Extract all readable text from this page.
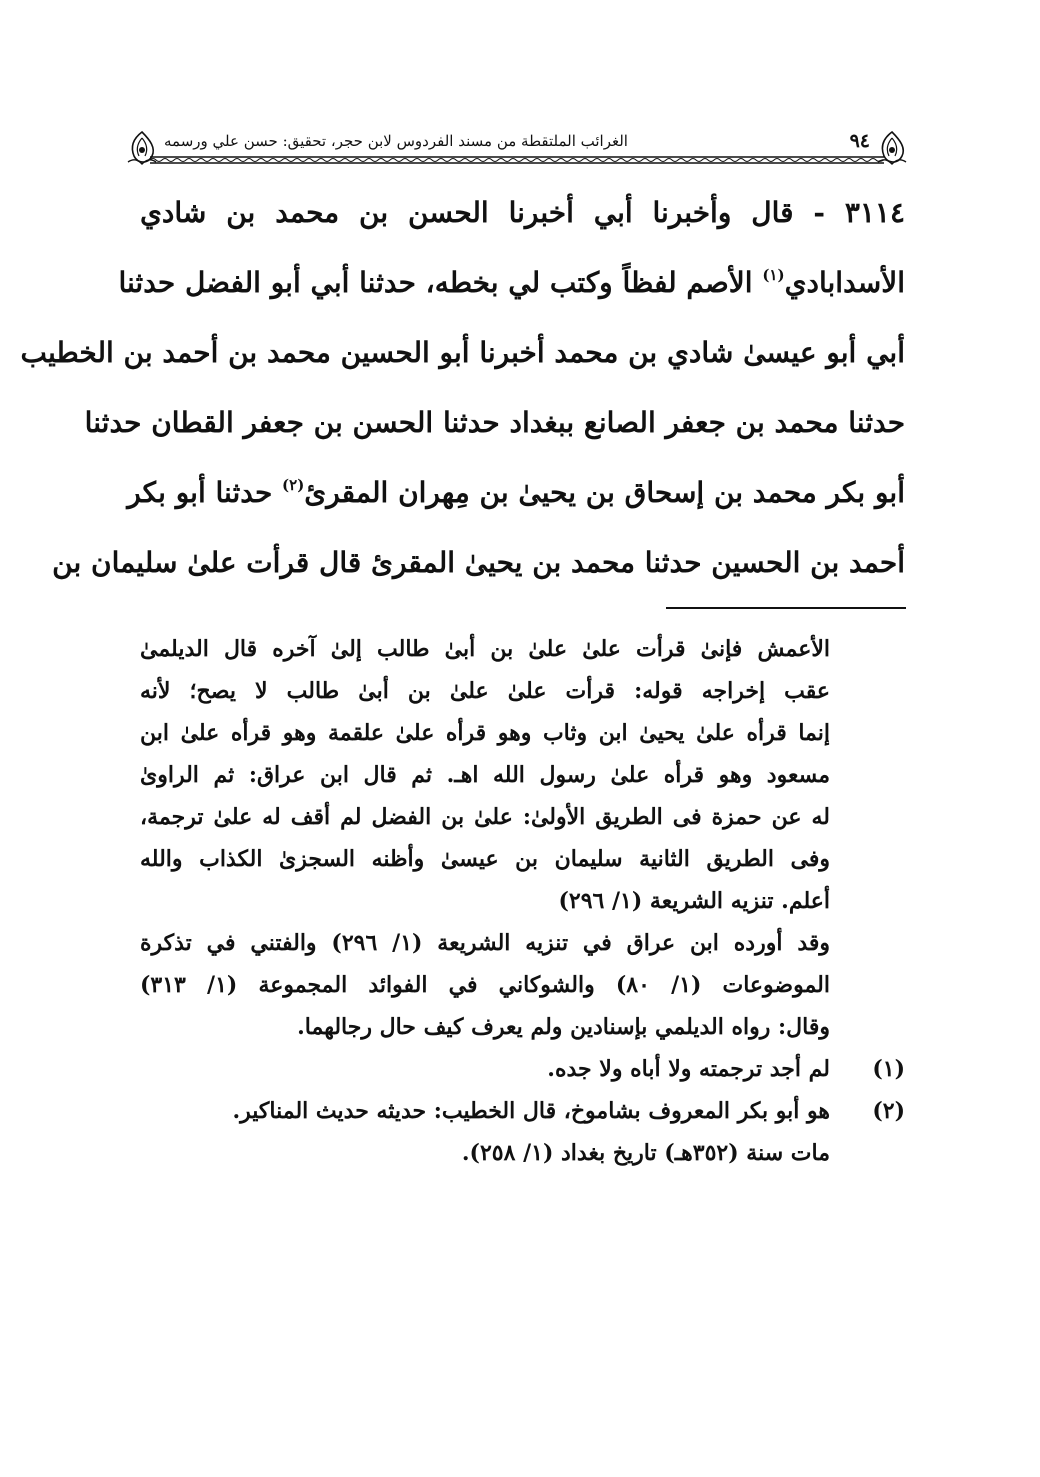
٩٤
الغرائب الملتقطة من مسند الفردوس لابن حجر، تحقيق: حسن علي ورسمه
٣١١٤ - قال وأخبرنا أبي أخبرنا الحسن بن محمد بن شادي
الأسدابادي$^{(١)}$ الأصم لفظاً وكتب لي بخطه، حدثنا أبي أبو الفضل حدثنا
أبي أبو عيسىٰ شادي بن محمد أخبرنا أبو الحسين محمد بن أحمد بن الخطيب
حدثنا محمد بن جعفر الصانع ببغداد حدثنا الحسن بن جعفر القطان حدثنا
أبو بكر محمد بن إسحاق بن يحيىٰ بن مِهران المقرئ$^{(٢)}$ حدثنا أبو بكر
أحمد بن الحسين حدثنا محمد بن يحيىٰ المقرئ قال قرأت علىٰ سليمان بن
الأعمش فإنىٰ قرأت علىٰ علىٰ بن أبىٰ طالب إلىٰ آخره قال الديلمىٰ
عقب إخراجه قوله: قرأت علىٰ علىٰ بن أبىٰ طالب لا يصح؛ لأنه
إنما قرأه علىٰ يحيىٰ ابن وثاب وهو قرأه علىٰ علقمة وهو قرأه علىٰ ابن
مسعود وهو قرأه علىٰ رسول الله اهـ. ثم قال ابن عراق: ثم الراوىٰ
له عن حمزة فى الطريق الأولىٰ: علىٰ بن الفضل لم أقف له علىٰ ترجمة،
وفى الطريق الثانية سليمان بن عيسىٰ وأظنه السجزىٰ الكذاب والله
أعلم. تنزيه الشريعة (١/ ٢٩٦)
وقد أورده ابن عراق في تنزيه الشريعة (١/ ٢٩٦) والفتني في تذكرة
الموضوعات (١/ ٨٠) والشوكاني في الفوائد المجموعة (١/ ٣١٣)
وقال: رواه الديلمي بإسنادين ولم يعرف كيف حال رجالهما.
(١)
لم أجد ترجمته ولا أباه ولا جده.
(٢)
هو أبو بكر المعروف بشاموخ، قال الخطيب: حديثه حديث المناكير.
مات سنة (٣٥٢هـ) تاريخ بغداد (١/ ٢٥٨).
